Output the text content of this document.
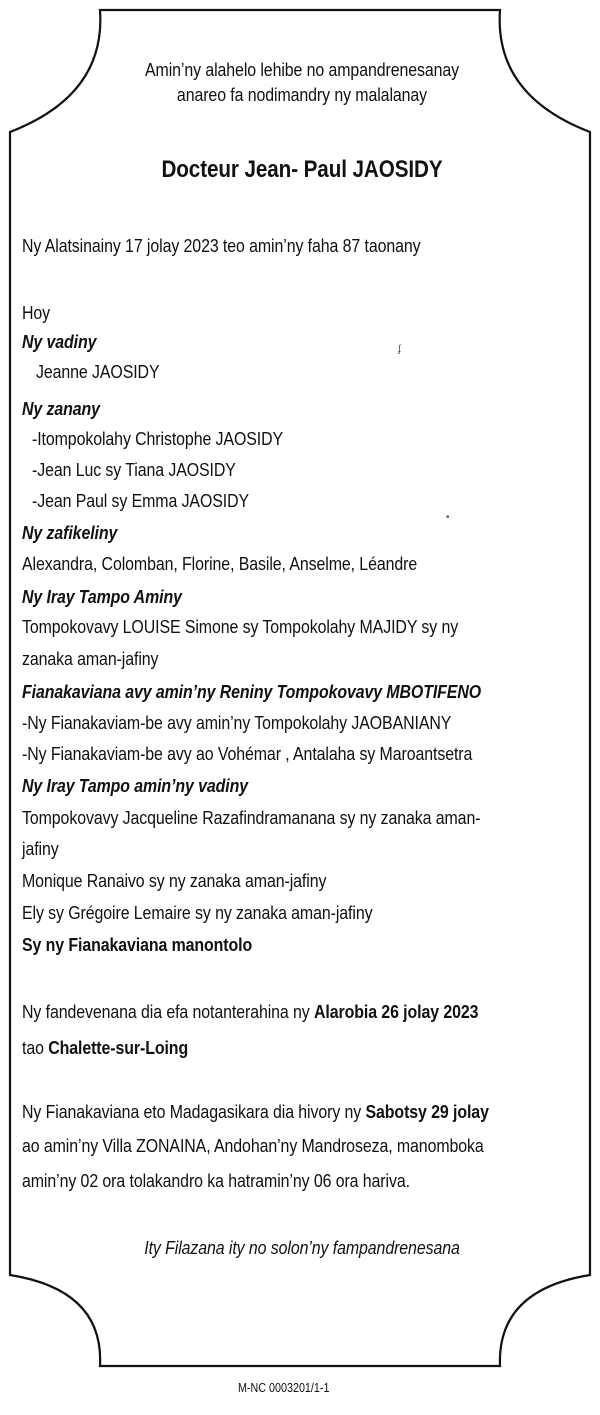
Amin’ny alahelo lehibe no ampandrenesanay
anareo fa nodimandry ny malalanay
Docteur Jean- Paul JAOSIDY
Ny Alatsinainy 17 jolay 2023 teo amin’ny faha 87 taonany
Hoy
Ny vadiny
Jeanne JAOSIDY
Ny zanany
-Itompokolahy Christophe JAOSIDY
-Jean Luc sy Tiana JAOSIDY
-Jean Paul sy Emma JAOSIDY
Ny zafikeliny
Alexandra, Colomban, Florine, Basile, Anselme, Léandre
Ny Iray Tampo Aminy
Tompokovavy LOUISE Simone sy Tompokolahy MAJIDY sy ny
zanaka aman-jafiny
Fianakaviana avy amin’ny Reniny Tompokovavy MBOTIFENO
-Ny Fianakaviam-be avy amin’ny Tompokolahy JAOBANIANY
-Ny Fianakaviam-be avy ao Vohémar , Antalaha sy Maroantsetra
Ny Iray Tampo amin’ny vadiny
Tompokovavy Jacqueline Razafindramanana sy ny zanaka aman-
jafiny
Monique Ranaivo sy ny zanaka aman-jafiny
Ely sy Grégoire Lemaire sy ny zanaka aman-jafiny
Sy ny Fianakaviana manontolo
Ny fandevenana dia efa notanterahina ny Alarobia 26 jolay 2023
tao Chalette-sur-Loing
Ny Fianakaviana eto Madagasikara dia hivory ny Sabotsy 29 jolay
ao amin’ny Villa ZONAINA, Andohan’ny Mandroseza, manomboka
amin’ny 02 ora tolakandro ka hatramin’ny 06 ora hariva.
Ity Filazana ity no solon’ny fampandrenesana
ʄ
•
M-NC 0003201/1-1
